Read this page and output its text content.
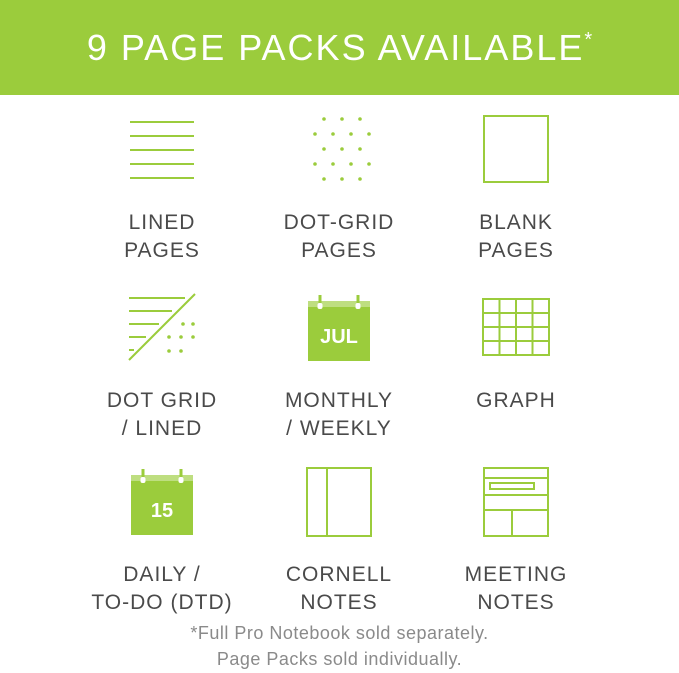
9 PAGE PACKS AVAILABLE*
LINED
PAGES
DOT-GRID
PAGES
BLANK
PAGES
DOT GRID
/ LINED
JUL
MONTHLY
/ WEEKLY
GRAPH
15
DAILY /
TO-DO (DTD)
CORNELL
NOTES
MEETING
NOTES
*Full Pro Notebook sold separately.
Page Packs sold individually.
